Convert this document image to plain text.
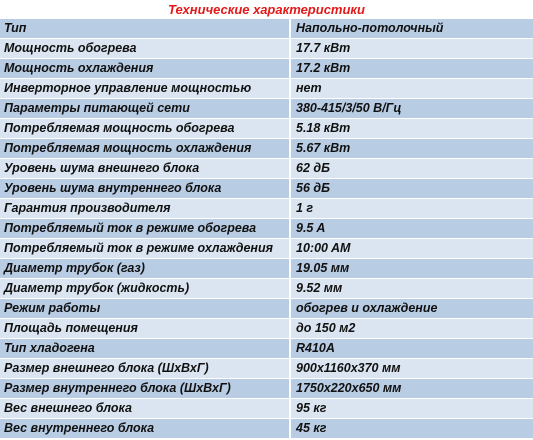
Технические характеристики
Тип	Напольно-потолочный
Мощность обогрева	17.7 кВт
Мощность охлаждения	17.2 кВт
Инверторное управление мощностью	нет
Параметры питающей сети	380-415/3/50 В/Гц
Потребляемая мощность обогрева	5.18 кВт
Потребляемая мощность охлаждения	5.67 кВт
Уровень шума внешнего блока	62 дБ
Уровень шума внутреннего блока	56 дБ
Гарантия производителя	1 г
Потребляемый ток в режиме обогрева	9.5 A
Потребляемый ток в режиме охлаждения	10:00 AM
Диаметр трубок (газ)	19.05 мм
Диаметр трубок (жидкость)	9.52 мм
Режим работы	обогрев и охлаждение
Площадь помещения	до 150 м2
Тип хладогена	R410A
Размер внешнего блока (ШхВхГ)	900х1160х370 мм
Размер внутреннего блока (ШхВхГ)	1750х220х650 мм
Вес внешнего блока	95 кг
Вес внутреннего блока	45 кг
